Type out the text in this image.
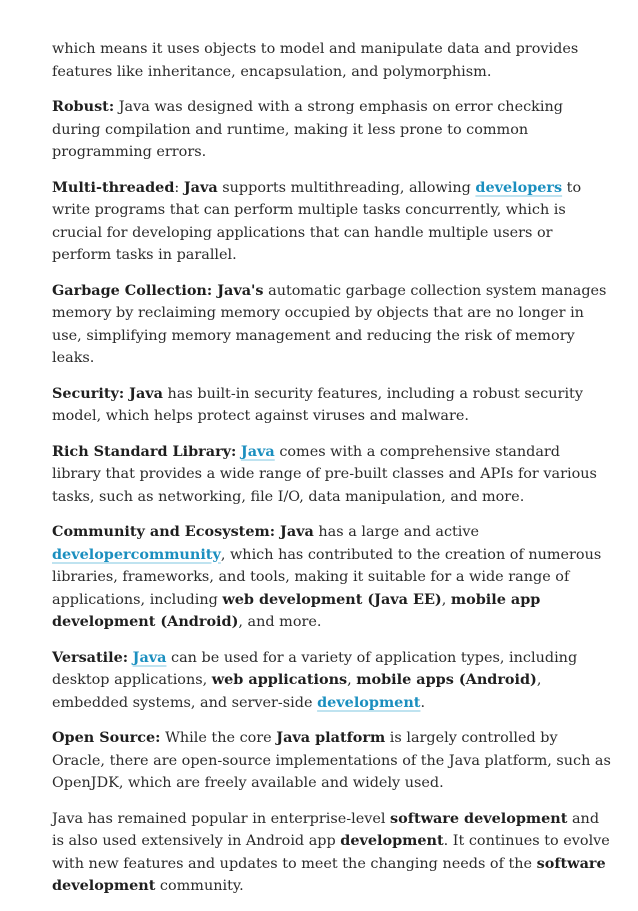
which means it uses objects to model and manipulate data and provides features like inheritance, encapsulation, and polymorphism.

Robust: Java was designed with a strong emphasis on error checking during compilation and runtime, making it less prone to common programming errors.

Multi-threaded: Java supports multithreading, allowing developers to write programs that can perform multiple tasks concurrently, which is crucial for developing applications that can handle multiple users or perform tasks in parallel.

Garbage Collection: Java's automatic garbage collection system manages memory by reclaiming memory occupied by objects that are no longer in use, simplifying memory management and reducing the risk of memory leaks.

Security: Java has built-in security features, including a robust security model, which helps protect against viruses and malware.

Rich Standard Library: Java comes with a comprehensive standard library that provides a wide range of pre-built classes and APIs for various tasks, such as networking, file I/O, data manipulation, and more.

Community and Ecosystem: Java has a large and active developercommunity, which has contributed to the creation of numerous libraries, frameworks, and tools, making it suitable for a wide range of applications, including web development (Java EE), mobile app development (Android), and more.

Versatile: Java can be used for a variety of application types, including desktop applications, web applications, mobile apps (Android), embedded systems, and server-side development.

Open Source: While the core Java platform is largely controlled by Oracle, there are open-source implementations of the Java platform, such as OpenJDK, which are freely available and widely used.

Java has remained popular in enterprise-level software development and is also used extensively in Android app development. It continues to evolve with new features and updates to meet the changing needs of the software development community.
